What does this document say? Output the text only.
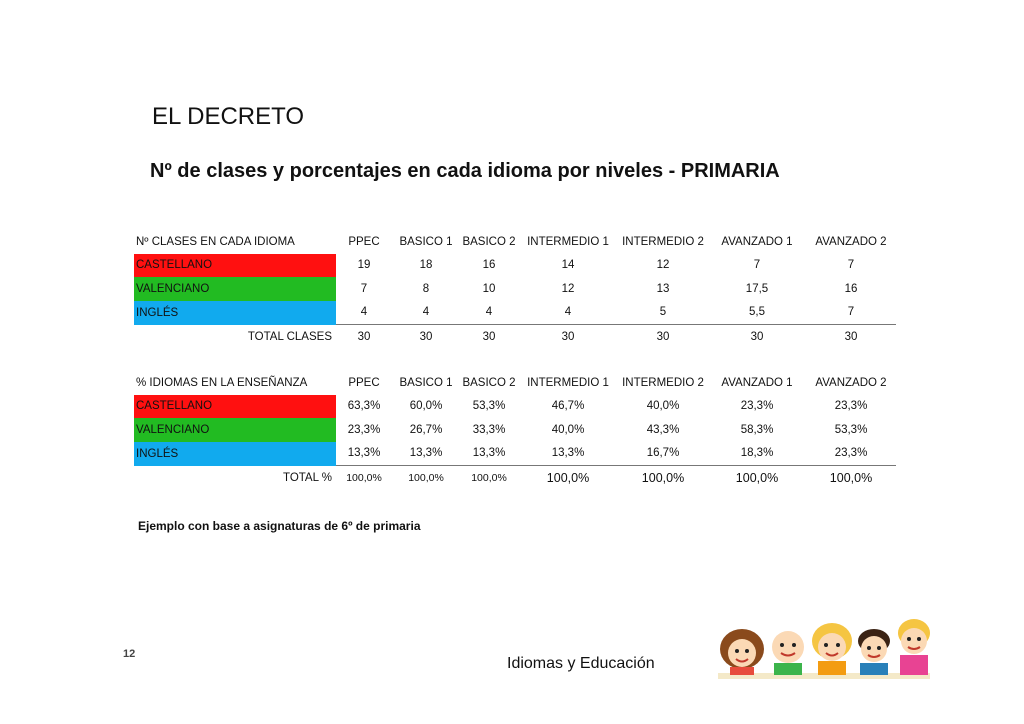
EL DECRETO
Nº de clases y porcentajes en cada idioma por niveles - PRIMARIA
Nº CLASES EN CADA IDIOMA	PPEC	BASICO 1	BASICO 2	INTERMEDIO 1	INTERMEDIO 2	AVANZADO 1	AVANZADO 2
CASTELLANO	19	18	16	14	12	7	7
VALENCIANO	7	8	10	12	13	17,5	16
INGLÉS	4	4	4	4	5	5,5	7
TOTAL CLASES	30	30	30	30	30	30	30
% IDIOMAS EN LA ENSEÑANZA	PPEC	BASICO 1	BASICO 2	INTERMEDIO 1	INTERMEDIO 2	AVANZADO 1	AVANZADO 2
CASTELLANO	63,3%	60,0%	53,3%	46,7%	40,0%	23,3%	23,3%
VALENCIANO	23,3%	26,7%	33,3%	40,0%	43,3%	58,3%	53,3%
INGLÉS	13,3%	13,3%	13,3%	13,3%	16,7%	18,3%	23,3%
TOTAL %	100,0%	100,0%	100,0%	100,0%	100,0%	100,0%	100,0%
Ejemplo con base a asignaturas de 6º de primaria
12
Idiomas y Educación
